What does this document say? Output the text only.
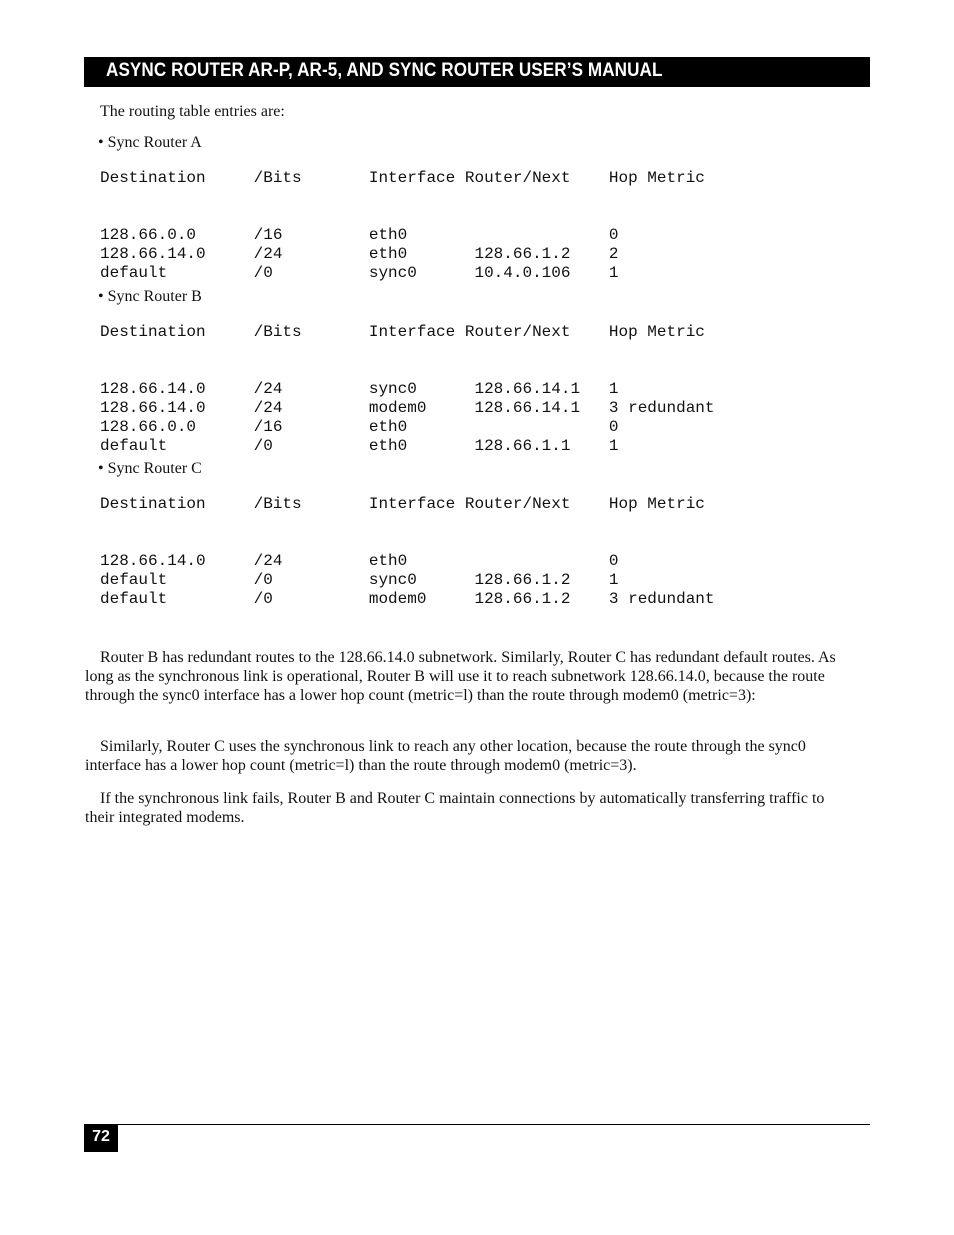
ASYNC ROUTER AR-P, AR-5, AND SYNC ROUTER USER’S MANUAL
The routing table entries are:
• Sync Router A
Destination     /Bits       Interface Router/Next    Hop Metric

128.66.0.0      /16         eth0                     0
128.66.14.0     /24         eth0       128.66.1.2    2
default         /0          sync0      10.4.0.106    1
• Sync Router B
Destination     /Bits       Interface Router/Next    Hop Metric

128.66.14.0     /24         sync0      128.66.14.1   1
128.66.14.0     /24         modem0     128.66.14.1   3 redundant
128.66.0.0      /16         eth0                     0
default         /0          eth0       128.66.1.1    1
• Sync Router C
Destination     /Bits       Interface Router/Next    Hop Metric

128.66.14.0     /24         eth0                     0
default         /0          sync0      128.66.1.2    1
default         /0          modem0     128.66.1.2    3 redundant

Router B has redundant routes to the 128.66.14.0 subnetwork. Similarly, Router C has redundant default routes. As long as the synchronous link is operational, Router B will use it to reach subnetwork 128.66.14.0, because the route through the sync0 interface has a lower hop count (metric=l) than the route through modem0 (metric=3):

Similarly, Router C uses the synchronous link to reach any other location, because the route through the sync0 interface has a lower hop count (metric=l) than the route through modem0 (metric=3).

If the synchronous link fails, Router B and Router C maintain connections by automatically transferring traffic to their integrated modems.

72
